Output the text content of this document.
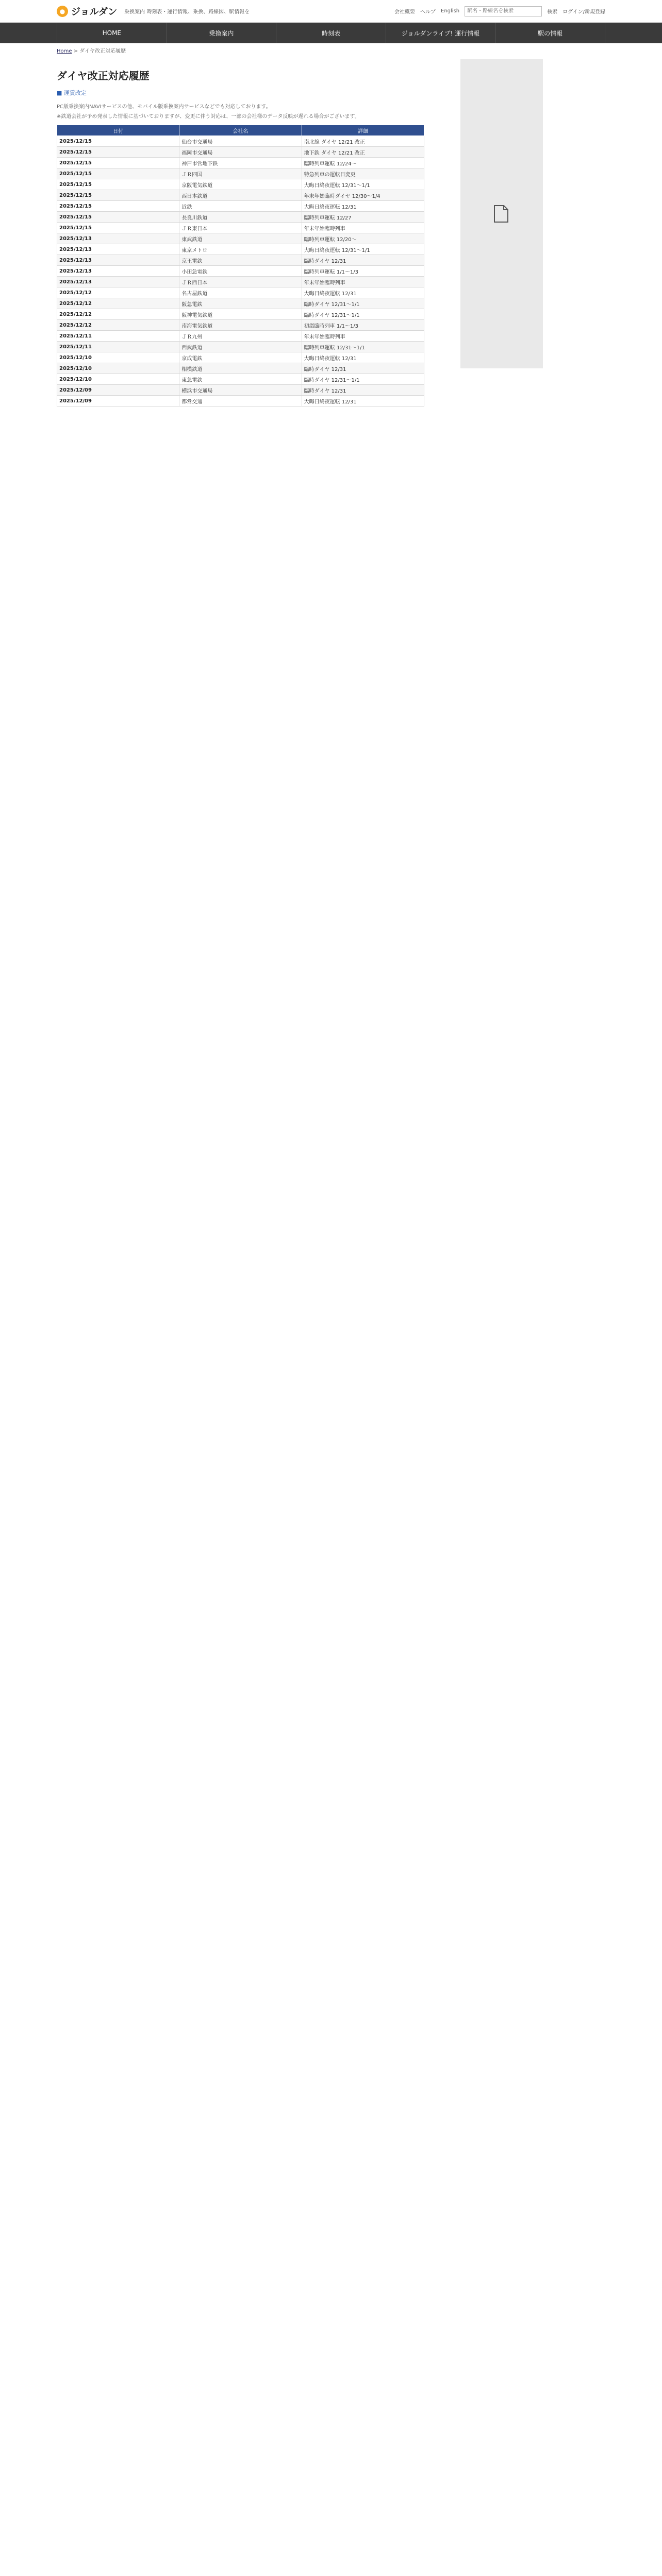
● ジョルダン 乗換案内 時刻表・運行情報、乗換、路線図、駅情報を	会社概要 ヘルプ English
駅名・路線名を検索	検索 ログイン/新規登録
HOME	乗換案内	時刻表	ジョルダンライブ! 運行情報	駅の情報
Home > ダイヤ改正対応履歴
ダイヤ改正対応履歴
■ 運賃改定
PC版乗換案内NAVIサービスの他、モバイル版乗換案内サービスなどでも対応しております。
※鉄道会社が予め発表した情報に基づいておりますが、変更に伴う対応は、一部の会社様のデータ反映が遅れる場合がございます。
日付	会社名	詳細
2025/12/15	仙台市交通局	南北線 ダイヤ 12/21 改正
2025/12/15	福岡市交通局	地下鉄 ダイヤ 12/21 改正
2025/12/15	神戸市営地下鉄	臨時列車運転 12/24～
2025/12/15	ＪＲ四国	特急列車の運転日変更
2025/12/15	京阪電気鉄道	大晦日終夜運転 12/31～1/1
2025/12/15	西日本鉄道	年末年始臨時ダイヤ 12/30～1/4
2025/12/15	近鉄	大晦日終夜運転 12/31
2025/12/15	長良川鉄道	臨時列車運転 12/27
2025/12/15	ＪＲ東日本	年末年始臨時列車
2025/12/13	東武鉄道	臨時列車運転 12/20～
2025/12/13	東京メトロ	大晦日終夜運転 12/31～1/1
2025/12/13	京王電鉄	臨時ダイヤ 12/31
2025/12/13	小田急電鉄	臨時列車運転 1/1～1/3
2025/12/13	ＪＲ西日本	年末年始臨時列車
2025/12/12	名古屋鉄道	大晦日終夜運転 12/31
2025/12/12	阪急電鉄	臨時ダイヤ 12/31～1/1
2025/12/12	阪神電気鉄道	臨時ダイヤ 12/31～1/1
2025/12/12	南海電気鉄道	初詣臨時列車 1/1～1/3
2025/12/11	ＪＲ九州	年末年始臨時列車
2025/12/11	西武鉄道	臨時列車運転 12/31～1/1
2025/12/10	京成電鉄	大晦日終夜運転 12/31
2025/12/10	相模鉄道	臨時ダイヤ 12/31
2025/12/10	東急電鉄	臨時ダイヤ 12/31～1/1
2025/12/09	横浜市交通局	臨時ダイヤ 12/31
2025/12/09	都営交通	大晦日終夜運転 12/31
